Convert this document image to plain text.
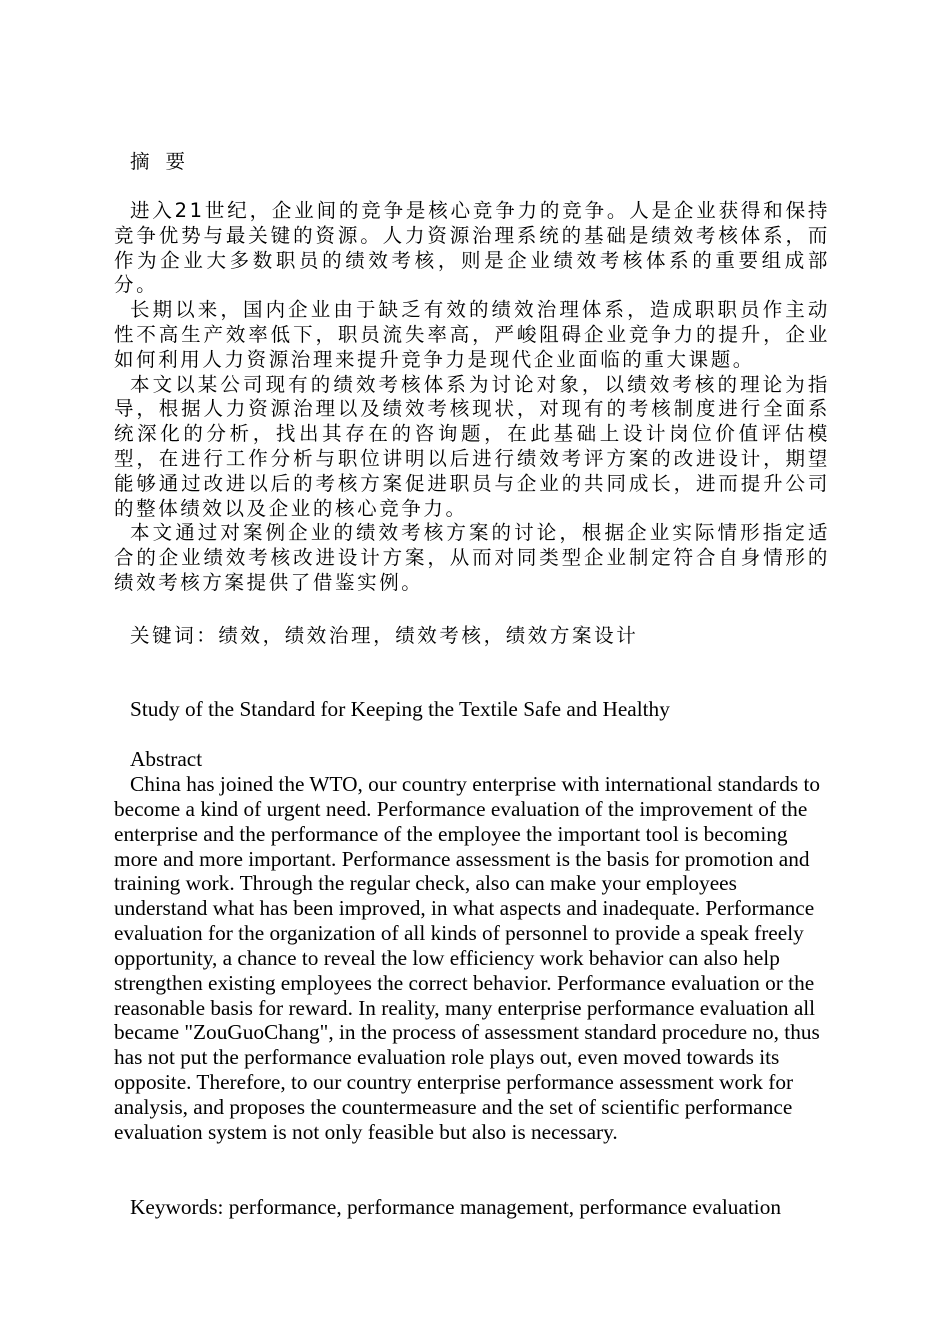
摘 要

进入21世纪，企业间的竞争是核心竞争力的竞争。人是企业获得和保持竞争优势与最关键的资源。人力资源治理系统的基础是绩效考核体系，而作为企业大多数职员的绩效考核，则是企业绩效考核体系的重要组成部分。

长期以来，国内企业由于缺乏有效的绩效治理体系，造成职职员作主动性不高生产效率低下，职员流失率高，严峻阻碍企业竞争力的提升，企业如何利用人力资源治理来提升竞争力是现代企业面临的重大课题。

本文以某公司现有的绩效考核体系为讨论对象，以绩效考核的理论为指导，根据人力资源治理以及绩效考核现状，对现有的考核制度进行全面系统深化的分析，找出其存在的咨询题，在此基础上设计岗位价值评估模型，在进行工作分析与职位讲明以后进行绩效考评方案的改进设计，期望能够通过改进以后的考核方案促进职员与企业的共同成长，进而提升公司的整体绩效以及企业的核心竞争力。

本文通过对案例企业的绩效考核方案的讨论，根据企业实际情形指定适合的企业绩效考核改进设计方案，从而对同类型企业制定符合自身情形的绩效考核方案提供了借鉴实例。

关键词：绩效，绩效治理，绩效考核，绩效方案设计

Study of the Standard for Keeping the Textile Safe and Healthy

Abstract

China has joined the WTO, our country enterprise with international standards to become a kind of urgent need. Performance evaluation of the improvement of the enterprise and the performance of the employee the important tool is becoming more and more important. Performance assessment is the basis for promotion and training work. Through the regular check, also can make your employees understand what has been improved, in what aspects and inadequate. Performance evaluation for the organization of all kinds of personnel to provide a speak freely opportunity, a chance to reveal the low efficiency work behavior can also help strengthen existing employees the correct behavior. Performance evaluation or the reasonable basis for reward. In reality, many enterprise performance evaluation all became "ZouGuoChang", in the process of assessment standard procedure no, thus has not put the performance evaluation role plays out, even moved towards its opposite. Therefore, to our country enterprise performance assessment work for analysis, and proposes the countermeasure and the set of scientific performance evaluation system is not only feasible but also is necessary.

Keywords: performance, performance management, performance evaluation
